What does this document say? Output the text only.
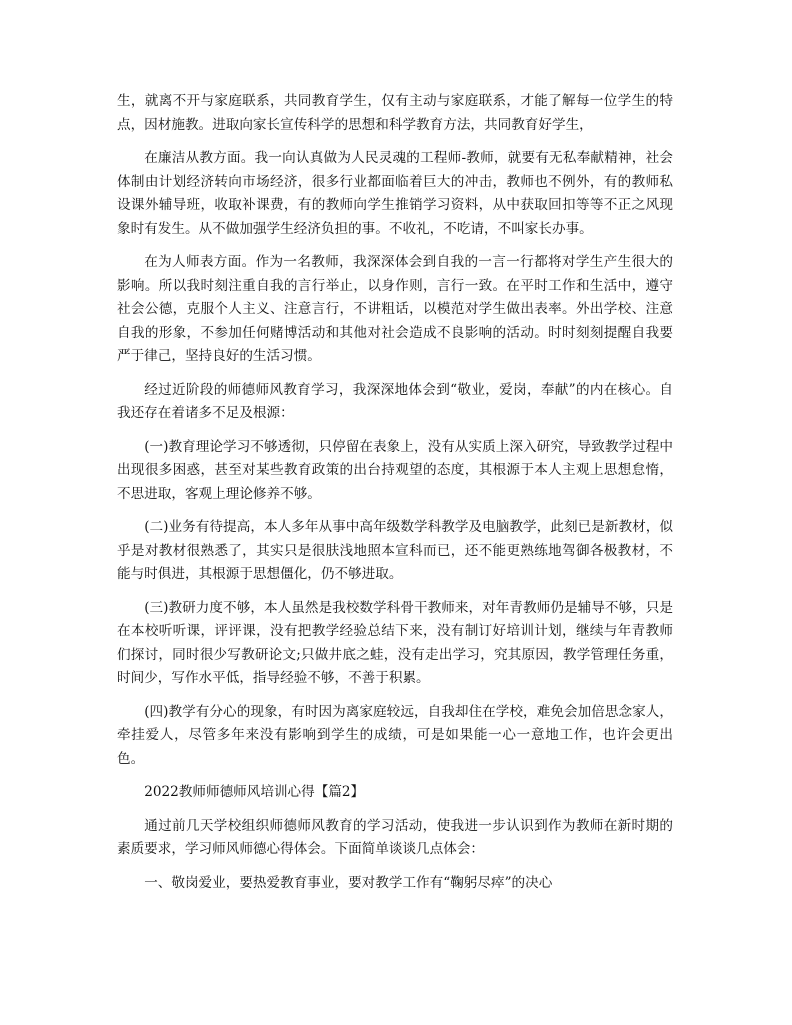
生，就离不开与家庭联系，共同教育学生，仅有主动与家庭联系，才能了解每一位学生的特点，因材施教。进取向家长宣传科学的思想和科学教育方法，共同教育好学生，

在廉洁从教方面。我一向认真做为人民灵魂的工程师-教师，就要有无私奉献精神，社会体制由计划经济转向市场经济，很多行业都面临着巨大的冲击，教师也不例外，有的教师私设课外辅导班，收取补课费，有的教师向学生推销学习资料，从中获取回扣等等不正之风现象时有发生。从不做加强学生经济负担的事。不收礼，不吃请，不叫家长办事。

在为人师表方面。作为一名教师，我深深体会到自我的一言一行都将对学生产生很大的影响。所以我时刻注重自我的言行举止，以身作则，言行一致。在平时工作和生活中，遵守社会公德，克服个人主义、注意言行，不讲粗话，以模范对学生做出表率。外出学校、注意自我的形象，不参加任何赌博活动和其他对社会造成不良影响的活动。时时刻刻提醒自我要严于律己，坚持良好的生活习惯。

经过近阶段的师德师风教育学习，我深深地体会到“敬业，爱岗，奉献”的内在核心。自我还存在着诸多不足及根源：

(一)教育理论学习不够透彻，只停留在表象上，没有从实质上深入研究，导致教学过程中出现很多困惑，甚至对某些教育政策的出台持观望的态度，其根源于本人主观上思想怠惰，不思进取，客观上理论修养不够。

(二)业务有待提高，本人多年从事中高年级数学科教学及电脑教学，此刻已是新教材，似乎是对教材很熟悉了，其实只是很肤浅地照本宣科而已，还不能更熟练地驾御各极教材，不能与时俱进，其根源于思想僵化，仍不够进取。

(三)教研力度不够，本人虽然是我校数学科骨干教师来，对年青教师仍是辅导不够，只是在本校听听课，评评课，没有把教学经验总结下来，没有制订好培训计划，继续与年青教师们探讨，同时很少写教研论文;只做井底之蛙，没有走出学习，究其原因，教学管理任务重，时间少，写作水平低，指导经验不够，不善于积累。

(四)教学有分心的现象，有时因为离家庭较远，自我却住在学校，难免会加倍思念家人，牵挂爱人，尽管多年来没有影响到学生的成绩，可是如果能一心一意地工作，也许会更出色。

2022教师师德师风培训心得【篇2】

通过前几天学校组织师德师风教育的学习活动，使我进一步认识到作为教师在新时期的素质要求，学习师风师德心得体会。下面简单谈谈几点体会：

一、敬岗爱业，要热爱教育事业，要对教学工作有“鞠躬尽瘁”的决心
